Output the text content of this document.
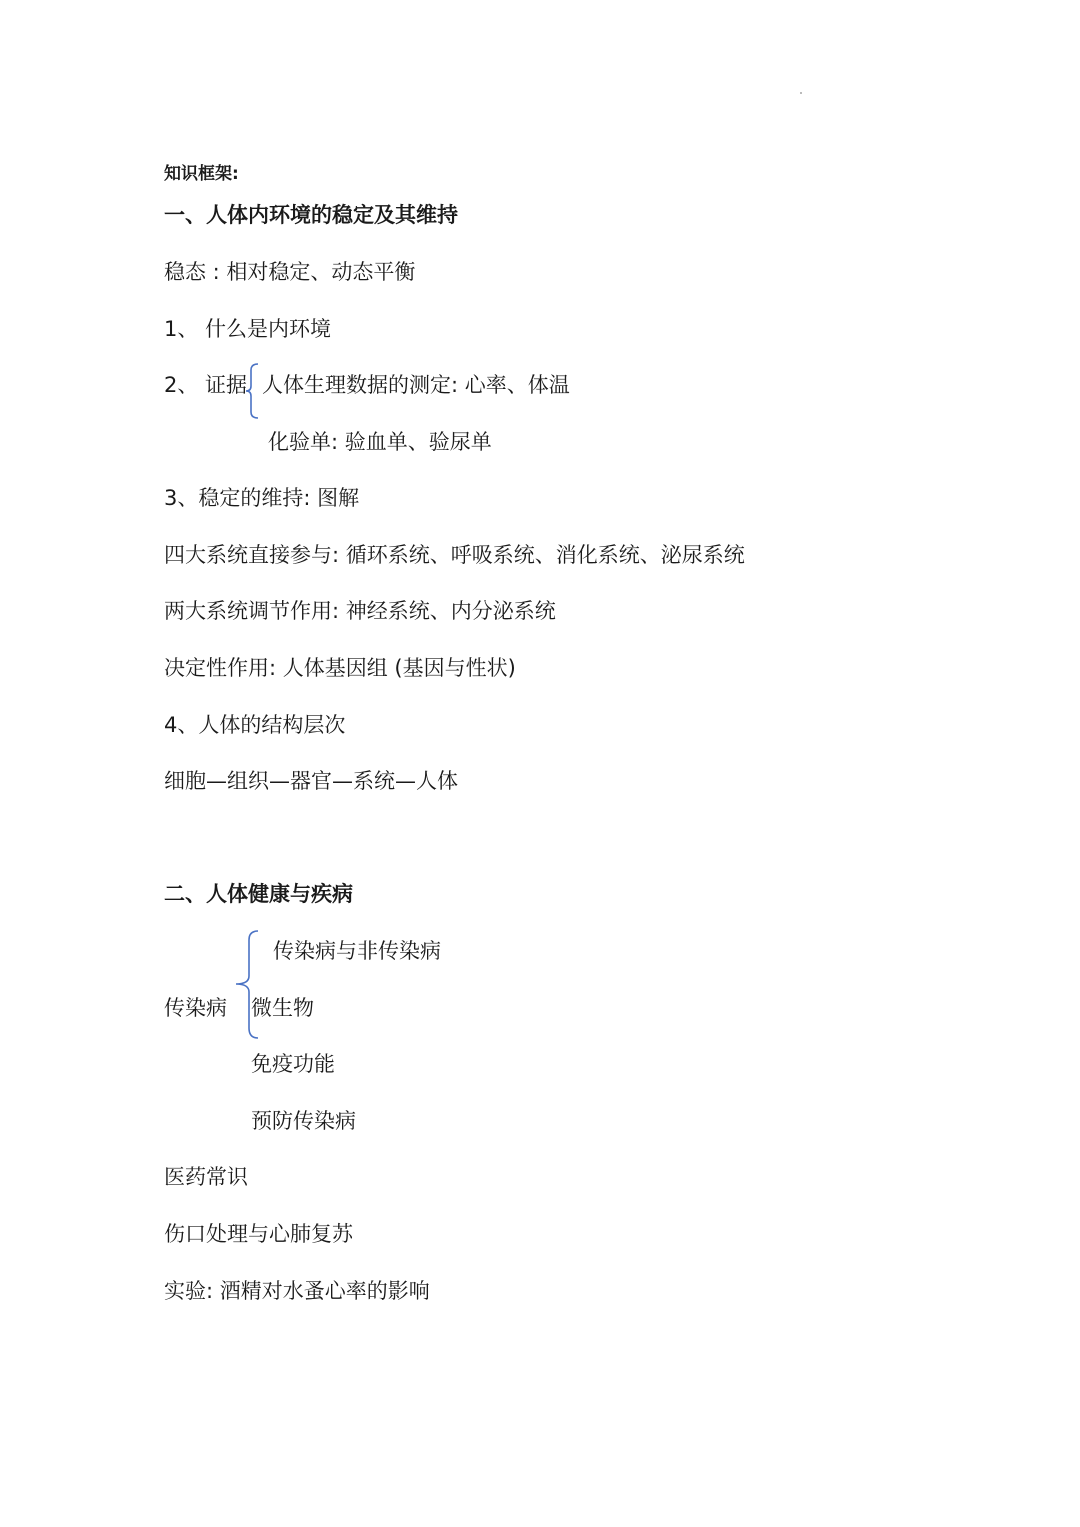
知识框架:
一、人体内环境的稳定及其维持
稳态 : 相对稳定、动态平衡
1、 什么是内环境
2、 证据 人体生理数据的测定: 心率、体温
化验单: 验血单、验尿单
3、稳定的维持: 图解
四大系统直接参与: 循环系统、呼吸系统、消化系统、泌尿系统
两大系统调节作用: 神经系统、内分泌系统
决定性作用: 人体基因组 (基因与性状)
4、人体的结构层次
细胞—组织—器官—系统—人体
二、人体健康与疾病
传染病与非传染病
传染病 微生物
免疫功能
预防传染病
医药常识
伤口处理与心肺复苏
实验: 酒精对水蚤心率的影响
